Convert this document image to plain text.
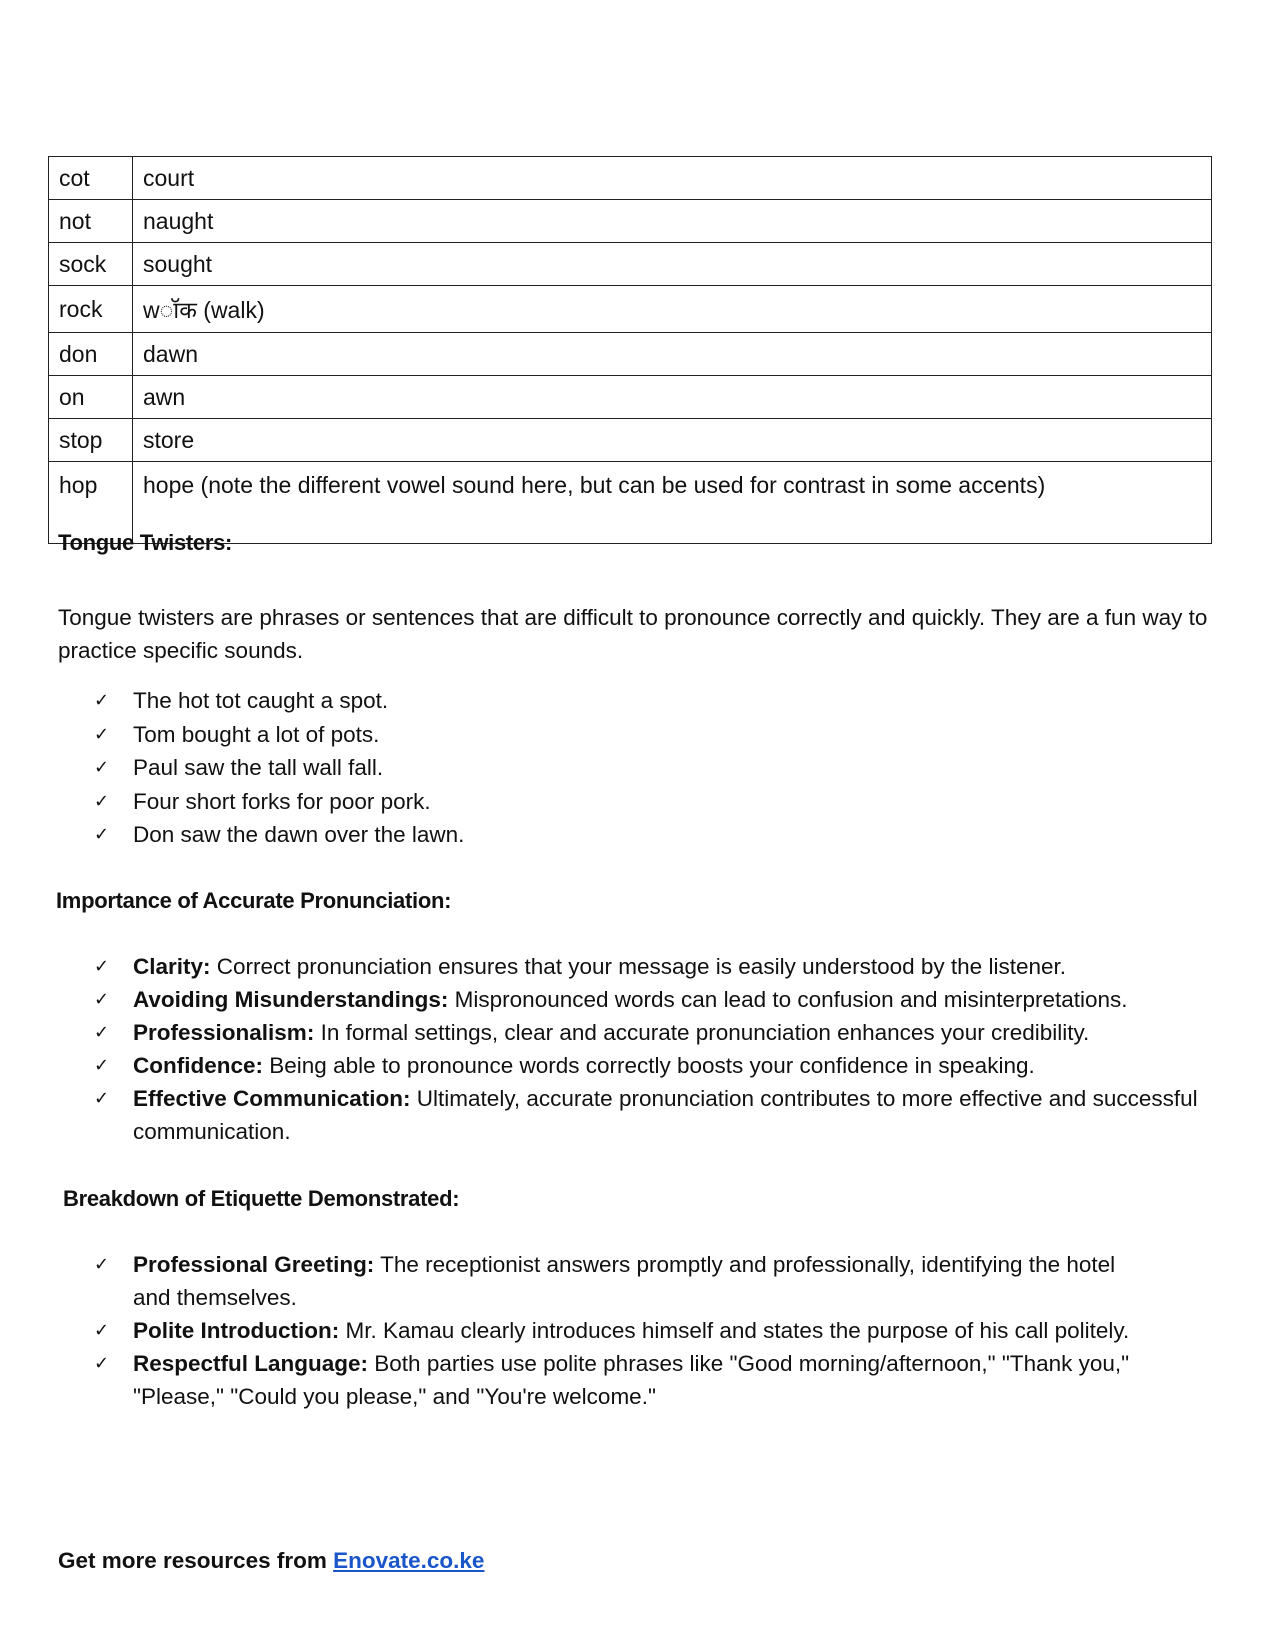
cot	court
not	naught
sock	sought
rock	wॉक (walk)
don	dawn
on	awn
stop	store
hop	hope (note the different vowel sound here, but can be used for contrast in some accents)
Tongue Twisters:
Tongue twisters are phrases or sentences that are difficult to pronounce correctly and quickly. They are a fun way to practice specific sounds.
✓ The hot tot caught a spot.
✓ Tom bought a lot of pots.
✓ Paul saw the tall wall fall.
✓ Four short forks for poor pork.
✓ Don saw the dawn over the lawn.
Importance of Accurate Pronunciation:
✓ Clarity: Correct pronunciation ensures that your message is easily understood by the listener.
✓ Avoiding Misunderstandings: Mispronounced words can lead to confusion and misinterpretations.
✓ Professionalism: In formal settings, clear and accurate pronunciation enhances your credibility.
✓ Confidence: Being able to pronounce words correctly boosts your confidence in speaking.
✓ Effective Communication: Ultimately, accurate pronunciation contributes to more effective and successful communication.
Breakdown of Etiquette Demonstrated:
✓ Professional Greeting: The receptionist answers promptly and professionally, identifying the hotel and themselves.
✓ Polite Introduction: Mr. Kamau clearly introduces himself and states the purpose of his call politely.
✓ Respectful Language: Both parties use polite phrases like "Good morning/afternoon," "Thank you," "Please," "Could you please," and "You're welcome."
Get more resources from Enovate.co.ke
